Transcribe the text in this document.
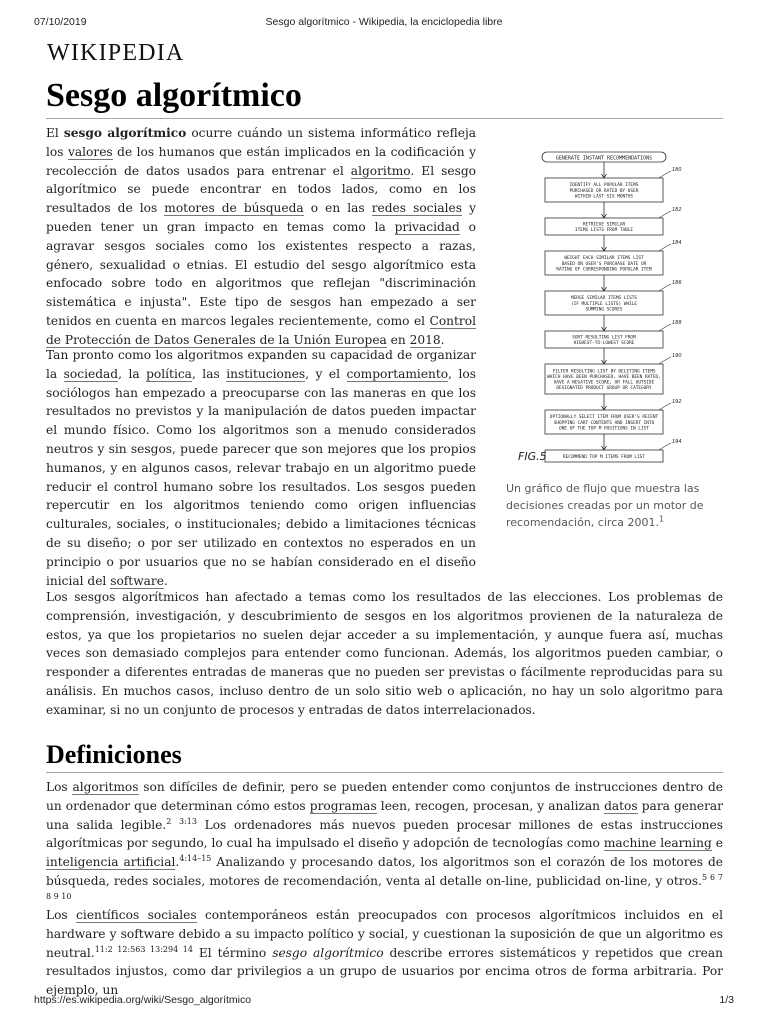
07/10/2019	Sesgo algorítmico - Wikipedia, la enciclopedia libre
WIKIPEDIA
Sesgo algorítmico

El sesgo algorítmico ocurre cuándo un sistema informático refleja los valores de los humanos que están implicados en la codificación y recolección de datos usados para entrenar el algoritmo. El sesgo algorítmico se puede encontrar en todos lados, como en los resultados de los motores de búsqueda o en las redes sociales y pueden tener un gran impacto en temas como la privacidad o agravar sesgos sociales como los existentes respecto a razas, género, sexualidad o etnias. El estudio del sesgo algorítmico esta enfocado sobre todo en algoritmos que reflejan "discriminación sistemática e injusta". Este tipo de sesgos han empezado a ser tenidos en cuenta en marcos legales recientemente, como el Control de Protección de Datos Generales de la Unión Europea en 2018.

Tan pronto como los algoritmos expanden su capacidad de organizar la sociedad, la política, las instituciones, y el comportamiento, los sociólogos han empezado a preocuparse con las maneras en que los resultados no previstos y la manipulación de datos pueden impactar el mundo físico. Como los algoritmos son a menudo considerados neutros y sin sesgos, puede parecer que son mejores que los propios humanos, y en algunos casos, relevar trabajo en un algoritmo puede reducir el control humano sobre los resultados. Los sesgos pueden repercutir en los algoritmos teniendo como origen influencias culturales, sociales, o institucionales; debido a limitaciones técnicas de su diseño; o por ser utilizado en contextos no esperados en un principio o por usuarios que no se habían considerado en el diseño inicial del software.

GENERATE INSTANT RECOMMENDATIONS
IDENTIFY ALL POPULAR ITEMS
PURCHASED OR RATED BY USER
WITHIN LAST SIX MONTHS
180
RETRIEVE SIMILAR
ITEMS LISTS FROM TABLE
182
WEIGHT EACH SIMILAR ITEMS LIST
BASED ON USER'S PURCHASE DATE OR
RATING OF CORRESPONDING POPULAR ITEM
184
MERGE SIMILAR ITEMS LISTS
(IF MULTIPLE LISTS) WHILE
SUMMING SCORES
186
SORT RESULTING LIST FROM
HIGHEST-TO-LOWEST SCORE
188
FILTER RESULTING LIST BY DELETING ITEMS
WHICH HAVE BEEN PURCHASED, HAVE BEEN RATED,
HAVE A NEGATIVE SCORE, OR FALL OUTSIDE
DESIGNATED PRODUCT GROUP OR CATEGORY
190
OPTIONALLY SELECT ITEM FROM USER'S RECENT
SHOPPING CART CONTENTS AND INSERT INTO
ONE OF THE TOP M POSITIONS IN LIST
192
RECOMMEND TOP M ITEMS FROM LIST
194
FIG.5
Un gráfico de flujo que muestra las decisiones creadas por un motor de recomendación, circa 2001.$^1$

Los sesgos algorítmicos han afectado a temas como los resultados de las elecciones. Los problemas de comprensión, investigación, y descubrimiento de sesgos en los algoritmos provienen de la naturaleza de estos, ya que los propietarios no suelen dejar acceder a su implementación, y aunque fuera así, muchas veces son demasiado complejos para entender como funcionan. Además, los algoritmos pueden cambiar, o responder a diferentes entradas de maneras que no pueden ser previstas o fácilmente reproducidas para su análisis. En muchos casos, incluso dentro de un solo sitio web o aplicación, no hay un solo algoritmo para examinar, si no un conjunto de procesos y entradas de datos interrelacionados.

Definiciones

Los algoritmos son difíciles de definir, pero se pueden entender como conjuntos de instrucciones dentro de un ordenador que determinan cómo estos programas leen, recogen, procesan, y analizan datos para generar una salida legible.$^2$ $^{3:13}$ Los ordenadores más nuevos pueden procesar millones de estas instrucciones algorítmicas por segundo, lo cual ha impulsado el diseño y adopción de tecnologías como machine learning e inteligencia artificial.$^{4:14-15}$ Analizando y procesando datos, los algoritmos son el corazón de los motores de búsqueda, redes sociales, motores de recomendación, venta al detalle on-line, publicidad on-line, y otros.$^{5 6 7 8 9 10}$

Los científicos sociales contemporáneos están preocupados con procesos algorítmicos incluidos en el hardware y software debido a su impacto político y social, y cuestionan la suposición de que un algoritmo es neutral.$^{11:2 12:563 13:294 14}$ El término sesgo algorítmico describe errores sistemáticos y repetidos que crean resultados injustos, como dar privilegios a un grupo de usuarios por encima otros de forma arbitraria. Por ejemplo, un

https://es.wikipedia.org/wiki/Sesgo_algorítmico	1/3
